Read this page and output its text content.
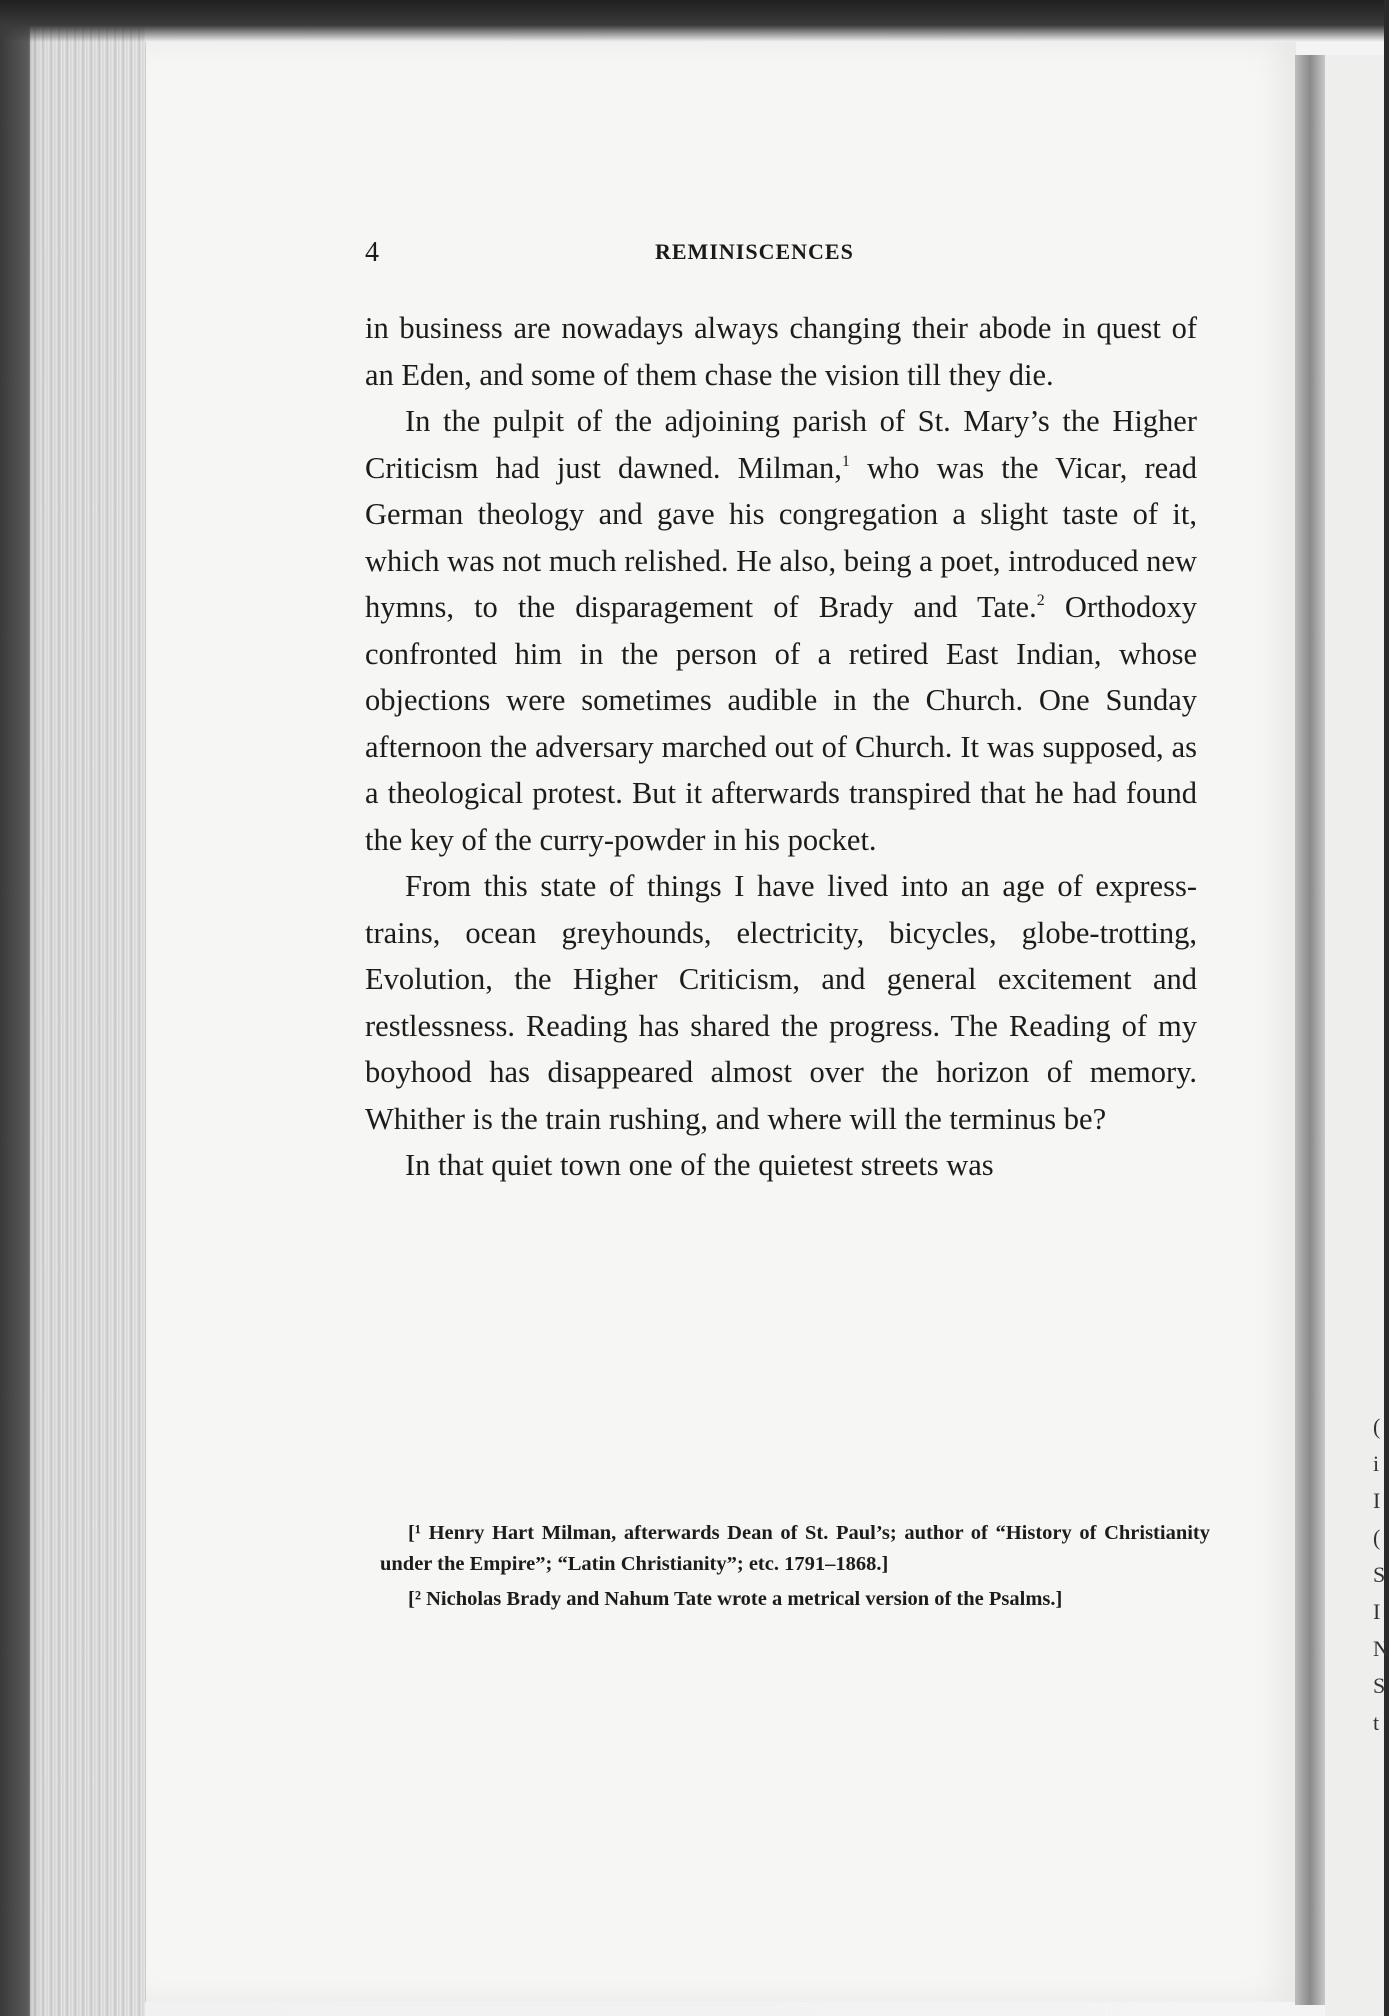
(
i
I
(
S
I
N
S
t
4	REMINISCENCES

in business are nowadays always changing their abode in quest of an Eden, and some of them chase the vision till they die.

In the pulpit of the adjoining parish of St. Mary’s the Higher Criticism had just dawned. Milman,$^1$ who was the Vicar, read German theology and gave his congregation a slight taste of it, which was not much relished. He also, being a poet, introduced new hymns, to the disparagement of Brady and Tate.$^2$ Orthodoxy confronted him in the person of a retired East Indian, whose objections were sometimes audible in the Church. One Sunday afternoon the adversary marched out of Church. It was supposed, as a theological protest. But it afterwards transpired that he had found the key of the curry-powder in his pocket.

From this state of things I have lived into an age of express-trains, ocean greyhounds, electricity, bicycles, globe-trotting, Evolution, the Higher Criticism, and general excitement and restlessness. Reading has shared the progress. The Reading of my boyhood has disappeared almost over the horizon of memory. Whither is the train rushing, and where will the terminus be?

In that quiet town one of the quietest streets was

[¹ Henry Hart Milman, afterwards Dean of St. Paul’s; author of “History of Christianity under the Empire”; “Latin Christianity”; etc. 1791–1868.]

[² Nicholas Brady and Nahum Tate wrote a metrical version of the Psalms.]
